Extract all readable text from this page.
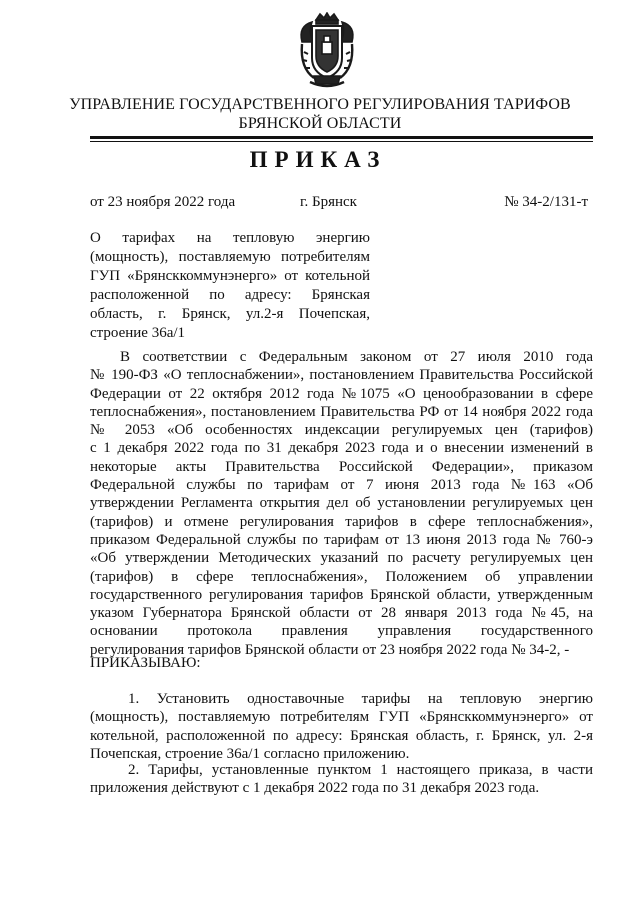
УПРАВЛЕНИЕ ГОСУДАРСТВЕННОГО РЕГУЛИРОВАНИЯ ТАРИФОВ
БРЯНСКОЙ ОБЛАСТИ
ПРИКАЗ
от 23 ноября 2022 года	г. Брянск	№ 34-2/131-т
О тарифах на тепловую энергию
(мощность), поставляемую потребителям
ГУП «Брянсккоммунэнерго» от котельной
расположенной по адресу: Брянская
область, г. Брянск, ул.2-я Почепская,
строение 36а/1
В соответствии с Федеральным законом от 27 июля 2010 года
№ 190-ФЗ «О теплоснабжении», постановлением Правительства Российской
Федерации от 22 октября 2012 года №1075 «О ценообразовании в сфере
теплоснабжения», постановлением Правительства РФ от 14 ноября 2022 года
№ 2053 «Об особенностях индексации регулируемых цен (тарифов)
с 1 декабря 2022 года по 31 декабря 2023 года и о внесении изменений в
некоторые акты Правительства Российской Федерации», приказом
Федеральной службы по тарифам от 7 июня 2013 года №163 «Об
утверждении Регламента открытия дел об установлении регулируемых цен
(тарифов) и отмене регулирования тарифов в сфере теплоснабжения»,
приказом Федеральной службы по тарифам от 13 июня 2013 года № 760-э
«Об утверждении Методических указаний по расчету регулируемых цен
(тарифов) в сфере теплоснабжения», Положением об управлении
государственного регулирования тарифов Брянской области, утвержденным
указом Губернатора Брянской области от 28 января 2013 года №45, на
основании протокола правления управления государственного
регулирования тарифов Брянской области от 23 ноября 2022 года № 34-2, -
ПРИКАЗЫВАЮ:
1. Установить одноставочные тарифы на тепловую энергию
(мощность), поставляемую потребителям ГУП «Брянсккоммунэнерго» от
котельной, расположенной по адресу: Брянская область, г. Брянск, ул. 2-я
Почепская, строение 36а/1 согласно приложению.
2. Тарифы, установленные пунктом 1 настоящего приказа, в части
приложения действуют с 1 декабря 2022 года по 31 декабря 2023 года.
